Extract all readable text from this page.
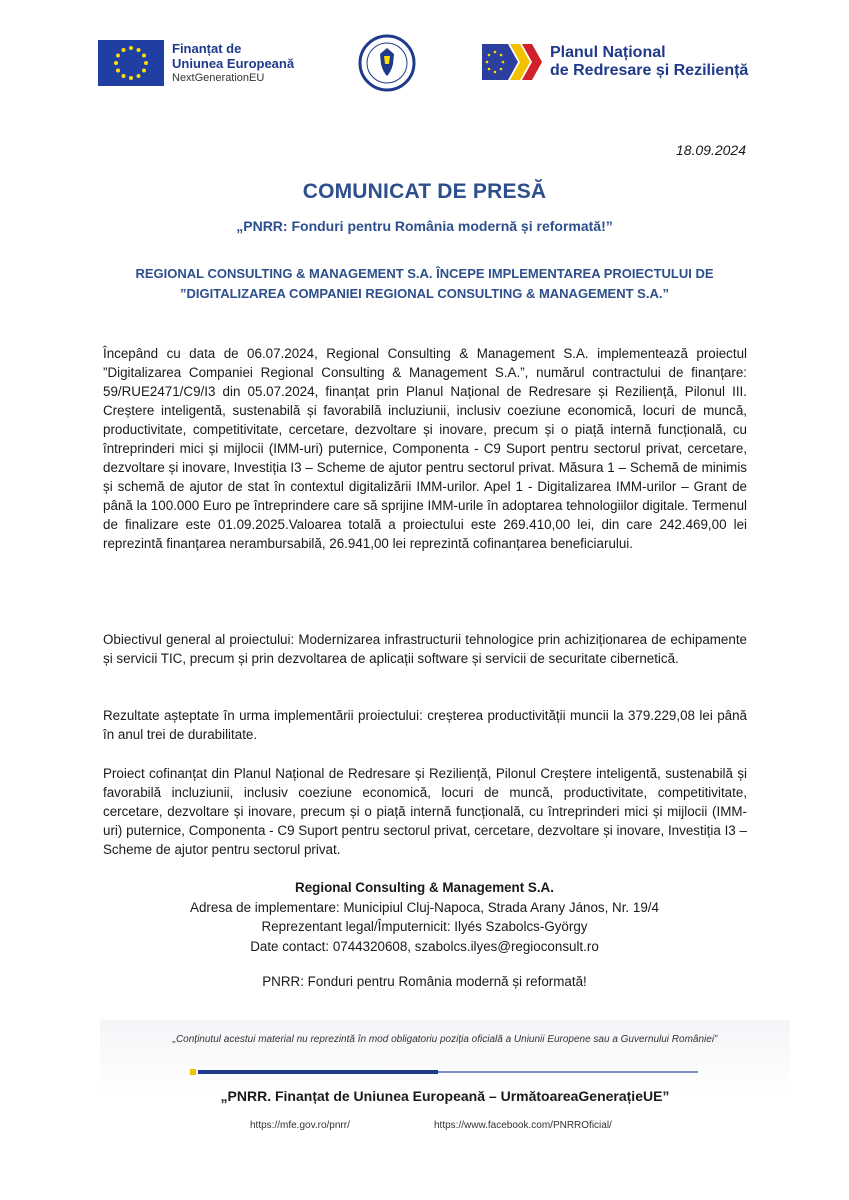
Finanțat de
Uniunea Europeană
NextGenerationEU
Planul Național
de Redresare și Reziliență
18.09.2024
COMUNICAT DE PRESĂ
„PNRR: Fonduri pentru România modernă și reformată!”
REGIONAL CONSULTING & MANAGEMENT S.A. ÎNCEPE IMPLEMENTAREA PROIECTULUI DE
”DIGITALIZAREA COMPANIEI REGIONAL CONSULTING & MANAGEMENT S.A.”
Începând cu data de 06.07.2024, Regional Consulting & Management S.A. implementează proiectul ”Digitalizarea Companiei Regional Consulting & Management S.A.”, numărul contractului de finanțare: 59/RUE2471/C9/I3 din 05.07.2024, finanțat prin Planul Național de Redresare și Reziliență, Pilonul III. Creștere inteligentă, sustenabilă și favorabilă incluziunii, inclusiv coeziune economică, locuri de muncă, productivitate, competitivitate, cercetare, dezvoltare și inovare, precum și o piață internă funcțională, cu întreprinderi mici și mijlocii (IMM-uri) puternice, Componenta - C9 Suport pentru sectorul privat, cercetare, dezvoltare și inovare, Investiția I3 – Scheme de ajutor pentru sectorul privat. Măsura 1 – Schemă de minimis și schemă de ajutor de stat în contextul digitalizării IMM-urilor. Apel 1 - Digitalizarea IMM-urilor – Grant de până la 100.000 Euro pe întreprindere care să sprijine IMM-urile în adoptarea tehnologiilor digitale. Termenul de finalizare este 01.09.2025.Valoarea totală a proiectului este 269.410,00 lei, din care 242.469,00 lei reprezintă finanțarea nerambursabilă, 26.941,00 lei reprezintă cofinanțarea beneficiarului.
Obiectivul general al proiectului: Modernizarea infrastructurii tehnologice prin achiziționarea de echipamente și servicii TIC, precum și prin dezvoltarea de aplicații software și servicii de securitate cibernetică.
Rezultate așteptate în urma implementării proiectului: creșterea productivității muncii la 379.229,08 lei până în anul trei de durabilitate.
Proiect cofinanțat din Planul Național de Redresare și Reziliență, Pilonul Creștere inteligentă, sustenabilă și favorabilă incluziunii, inclusiv coeziune economică, locuri de muncă, productivitate, competitivitate, cercetare, dezvoltare și inovare, precum și o piață internă funcțională, cu întreprinderi mici și mijlocii (IMM-uri) puternice, Componenta - C9 Suport pentru sectorul privat, cercetare, dezvoltare și inovare, Investiția I3 – Scheme de ajutor pentru sectorul privat.
Regional Consulting & Management S.A.
Adresa de implementare: Municipiul Cluj-Napoca, Strada Arany János, Nr. 19/4
Reprezentant legal/Împuternicit: Ilyés Szabolcs-György
Date contact: 0744320608, szabolcs.ilyes@regioconsult.ro
PNRR: Fonduri pentru România modernă și reformată!
„Conținutul acestui material nu reprezintă în mod obligatoriu poziția oficială a Uniunii Europene sau a Guvernului României”
„PNRR. Finanțat de Uniunea Europeană – UrmătoareaGenerațieUE”
https://mfe.gov.ro/pnrr/	https://www.facebook.com/PNRROficial/
